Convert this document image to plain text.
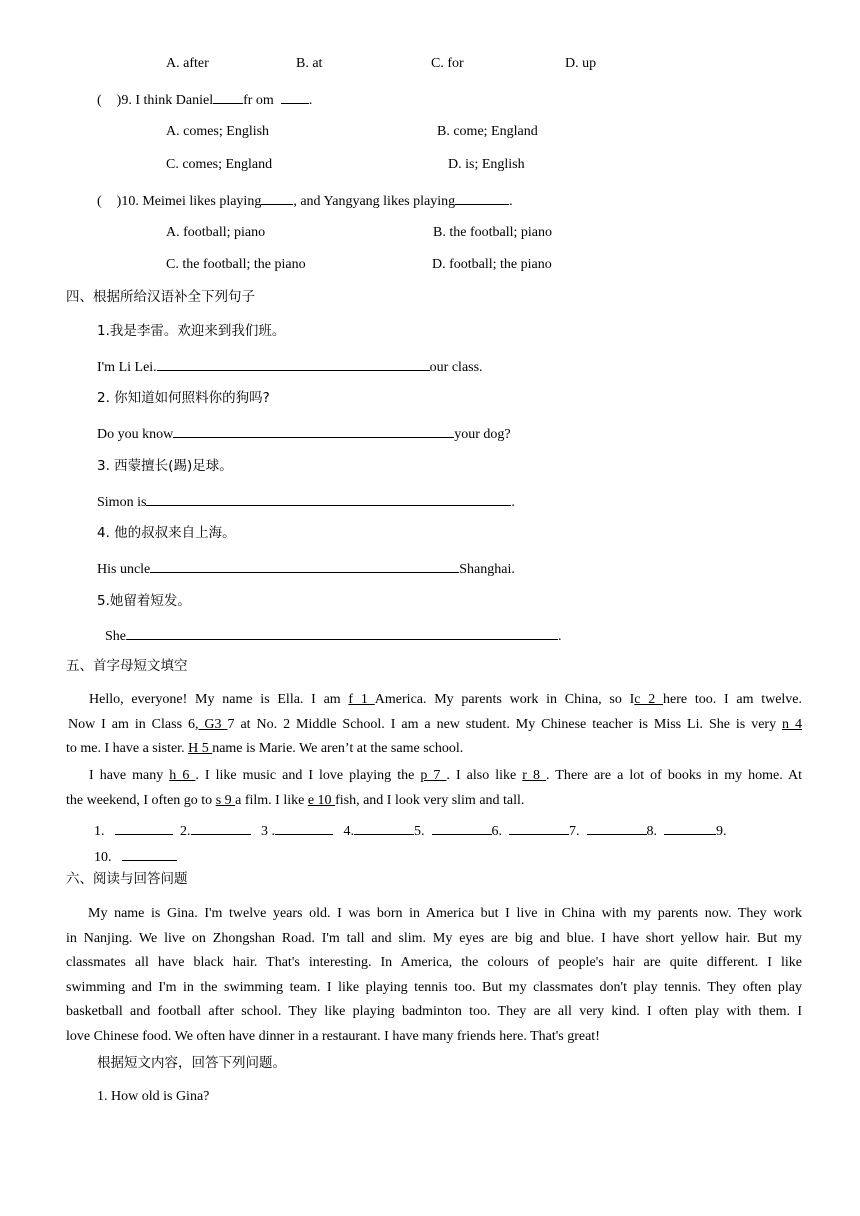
A. after	B. at	C. for	D. up
( )9. I think Daniel fr om	.
A. comes; English	B. come; England
C. comes; England	D. is; English
( )10. Meimei likes playing , and Yangyang likes playing	.
A. football; piano	B. the football; piano
C. the football; the piano	D. football; the piano
四、根据所给汉语补全下列句子
1.我是李雷。欢迎来到我们班。
I'm Li Lei.	our class.
2. 你知道如何照料你的狗吗?
Do you know	your dog?
3. 西蒙擅长(踢)足球。
Simon is	.
4. 他的叔叔来自上海。
His uncle	Shanghai.
5.她留着短发。
She	.
五、首字母短文填空
Hello, everyone! My name is Ella. I am f 1 America. My parents work in China, so Ic 2 here too. I am twelve.
Now I am in Class 6, G3 7 at No. 2 Middle School. I am a new student. My Chinese teacher is Miss Li. She is very n 4
to me. I have a sister. H 5 name is Marie. We aren’t at the same school.
I have many h 6 . I like music and I love playing the p 7 . I also like r 8 . There are a lot of books in my home. At
the weekend, I often go to s 9 a film. I like e 10 fish, and I look very slim and tall.
1.	2.	3 .	4.	5.	6.	7.	8.	9.
10.
六、阅读与回答问题
My name is Gina. I'm twelve years old. I was born in America but I live in China with my parents now. They work
in Nanjing. We live on Zhongshan Road. I'm tall and slim. My eyes are big and blue. I have short yellow hair. But my
classmates all have black hair. That's interesting. In America, the colours of people's hair are quite different. I like
swimming and I'm in the swimming team. I like playing tennis too. But my classmates don't play tennis. They often play
basketball and football after school. They like playing badminton too. They are all very kind. I often play with them. I
love Chinese food. We often have dinner in a restaurant. I have many friends here. That's great!
根据短文内容，回答下列问题。
1. How old is Gina?
